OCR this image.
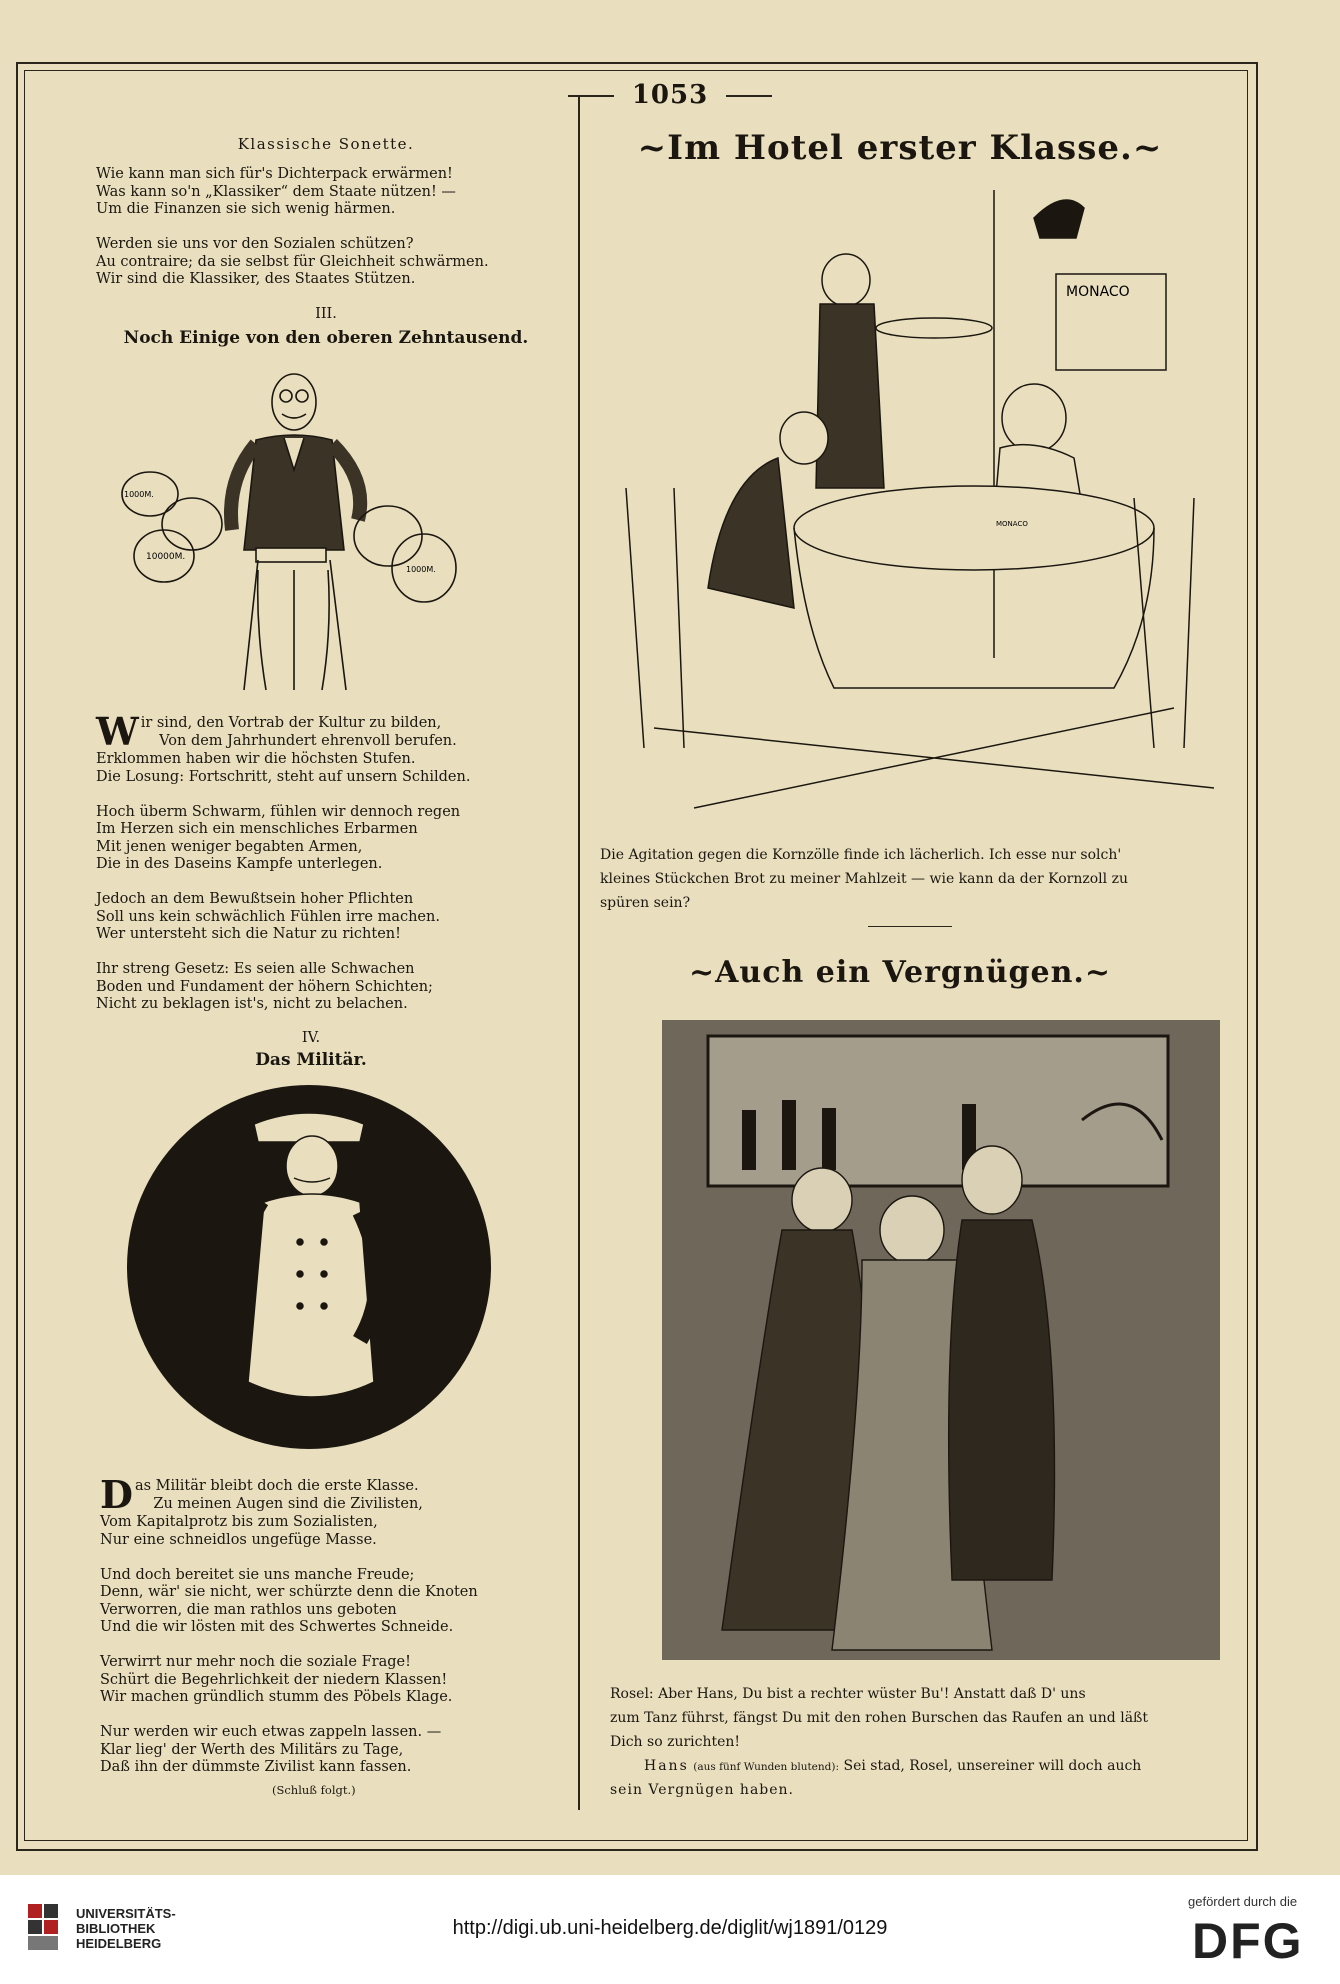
1053
Klassische Sonette.
Wie kann man sich für's Dichterpack erwärmen!
Was kann so'n „Klassiker“ dem Staate nützen! —
Um die Finanzen sie sich wenig härmen.

Werden sie uns vor den Sozialen schützen?
Au contraire; da sie selbst für Gleichheit schwärmen.
Wir sind die Klassiker, des Staates Stützen.
III.
Noch Einige von den oberen Zehntausend.
1000M.
10000M.
1000M.
Wir sind, den Vortrab der Kultur zu bilden,
Von dem Jahrhundert ehrenvoll berufen.
Erklommen haben wir die höchsten Stufen.
Die Losung: Fortschritt, steht auf unsern Schilden.

Hoch überm Schwarm, fühlen wir dennoch regen
Im Herzen sich ein menschliches Erbarmen
Mit jenen weniger begabten Armen,
Die in des Daseins Kampfe unterlegen.

Jedoch an dem Bewußtsein hoher Pflichten
Soll uns kein schwächlich Fühlen irre machen.
Wer untersteht sich die Natur zu richten!

Ihr streng Gesetz: Es seien alle Schwachen
Boden und Fundament der höhern Schichten;
Nicht zu beklagen ist's, nicht zu belachen.
IV.
Das Militär.
Das Militär bleibt doch die erste Klasse.
Zu meinen Augen sind die Zivilisten,
Vom Kapitalprotz bis zum Sozialisten,
Nur eine schneidlos ungefüge Masse.

Und doch bereitet sie uns manche Freude;
Denn, wär' sie nicht, wer schürzte denn die Knoten
Verworren, die man rathlos uns geboten
Und die wir lösten mit des Schwertes Schneide.

Verwirrt nur mehr noch die soziale Frage!
Schürt die Begehrlichkeit der niedern Klassen!
Wir machen gründlich stumm des Pöbels Klage.

Nur werden wir euch etwas zappeln lassen. —
Klar lieg' der Werth des Militärs zu Tage,
Daß ihn der dümmste Zivilist kann fassen.
(Schluß folgt.)
~Im Hotel erster Klasse.~
MONACO
MONACO
Die Agitation gegen die Kornzölle finde ich lächerlich. Ich esse nur solch'
kleines Stückchen Brot zu meiner Mahlzeit — wie kann da der Kornzoll zu
spüren sein?
~Auch ein Vergnügen.~
Rosel: Aber Hans, Du bist a rechter wüster Bu'! Anstatt daß D' uns
zum Tanz führst, fängst Du mit den rohen Burschen das Raufen an und läßt
Dich so zurichten!
Hans (aus fünf Wunden blutend): Sei stad, Rosel, unsereiner will doch auch
sein Vergnügen haben.
UNIVERSITÄTS-
BIBLIOTHEK
HEIDELBERG
http://digi.ub.uni-heidelberg.de/diglit/wj1891/0129
gefördert durch die
DFG
